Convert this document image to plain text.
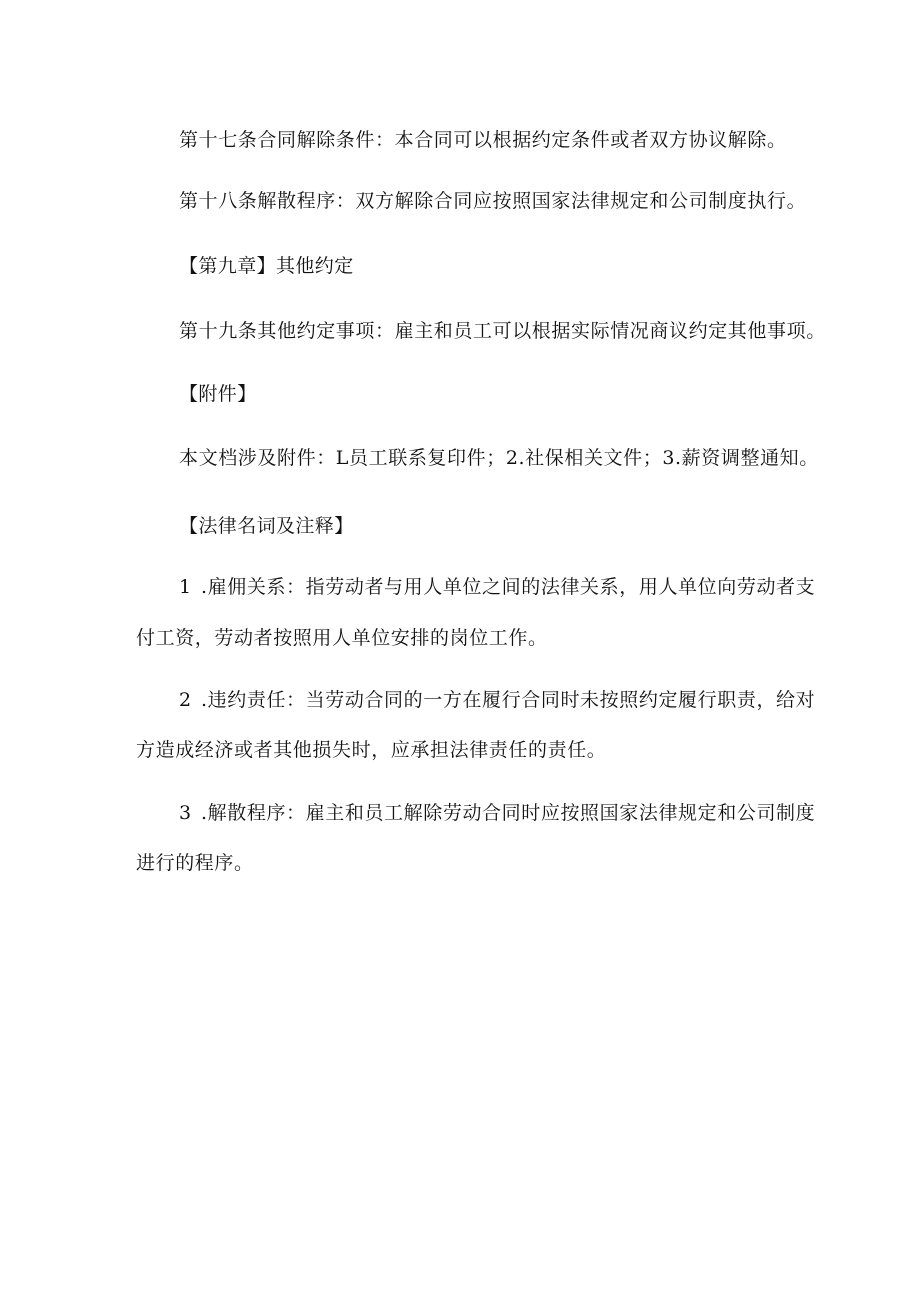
第十七条合同解除条件：本合同可以根据约定条件或者双方协议解除。
第十八条解散程序：双方解除合同应按照国家法律规定和公司制度执行。
【第九章】其他约定
第十九条其他约定事项：雇主和员工可以根据实际情况商议约定其他事项。
【附件】
本文档涉及附件：L员工联系复印件；2.社保相关文件；3.薪资调整通知。
【法律名词及注释】
1 .雇佣关系：指劳动者与用人单位之间的法律关系，用人单位向劳动者支
付工资，劳动者按照用人单位安排的岗位工作。
2 .违约责任：当劳动合同的一方在履行合同时未按照约定履行职责，给对
方造成经济或者其他损失时，应承担法律责任的责任。
3 .解散程序：雇主和员工解除劳动合同时应按照国家法律规定和公司制度
进行的程序。
